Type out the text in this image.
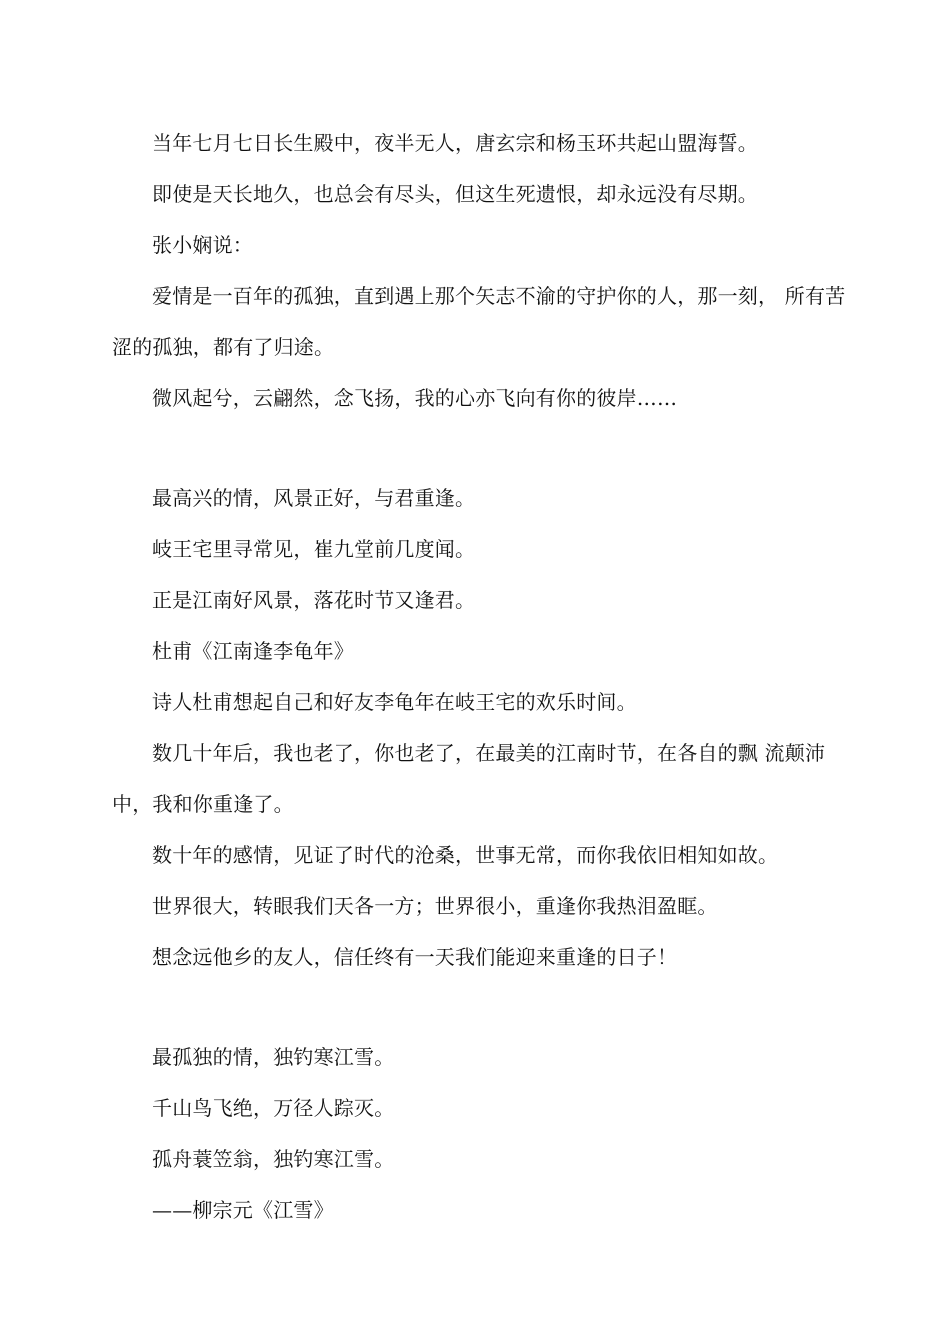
当年七月七日长生殿中，夜半无人，唐玄宗和杨玉环共起山盟海誓。

即使是天长地久，也总会有尽头，但这生死遗恨，却永远没有尽期。

张小娴说：

爱情是一百年的孤独，直到遇上那个矢志不渝的守护你的人，那一刻， 所有苦涩的孤独，都有了归途。

微风起兮，云翩然，念飞扬，我的心亦飞向有你的彼岸……

最高兴的情，风景正好，与君重逢。

岐王宅里寻常见，崔九堂前几度闻。

正是江南好风景，落花时节又逢君。

杜甫《江南逢李龟年》

诗人杜甫想起自己和好友李龟年在岐王宅的欢乐时间。

数几十年后，我也老了，你也老了，在最美的江南时节，在各自的飘 流颠沛中，我和你重逢了。

数十年的感情，见证了时代的沧桑，世事无常，而你我依旧相知如故。

世界很大，转眼我们天各一方；世界很小，重逢你我热泪盈眶。

想念远他乡的友人，信任终有一天我们能迎来重逢的日子！

最孤独的情，独钓寒江雪。

千山鸟飞绝，万径人踪灭。

孤舟蓑笠翁，独钓寒江雪。

——柳宗元《江雪》
